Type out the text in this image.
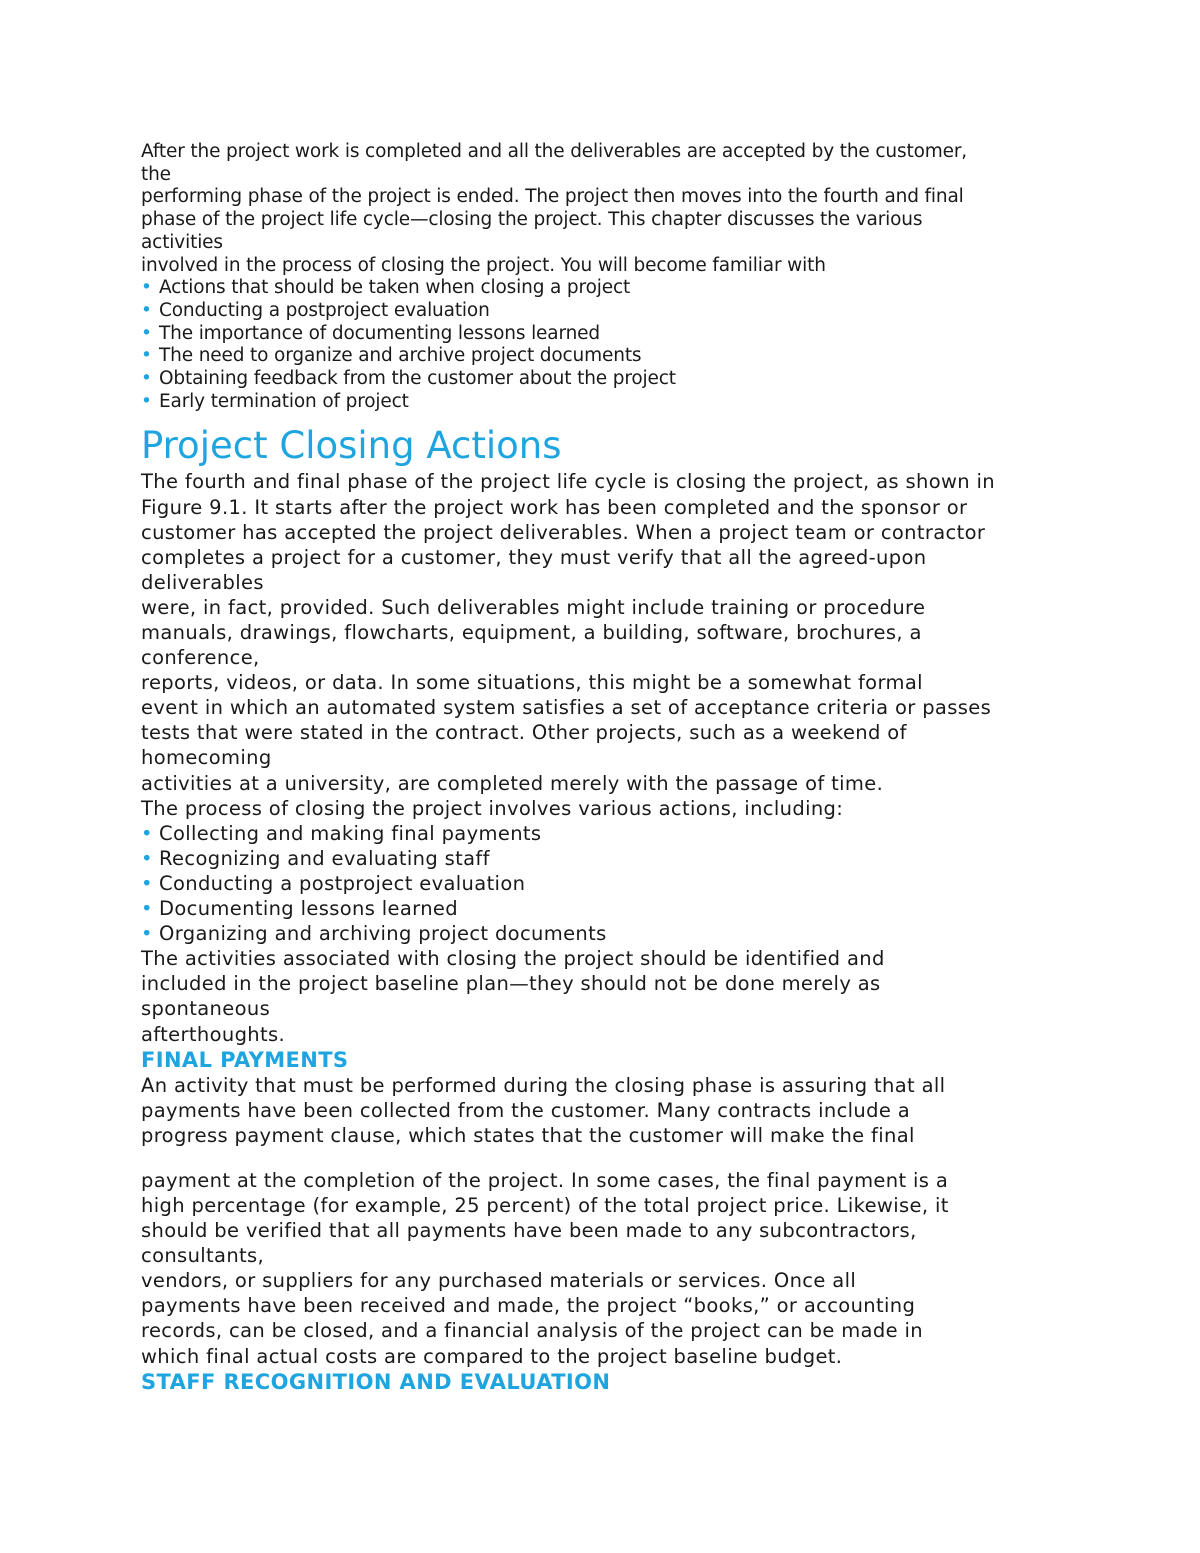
After the project work is completed and all the deliverables are accepted by the customer,
the
performing phase of the project is ended. The project then moves into the fourth and final
phase of the project life cycle—closing the project. This chapter discusses the various
activities
involved in the process of closing the project. You will become familiar with
• Actions that should be taken when closing a project
• Conducting a postproject evaluation
• The importance of documenting lessons learned
• The need to organize and archive project documents
• Obtaining feedback from the customer about the project
• Early termination of project
Project Closing Actions
The fourth and final phase of the project life cycle is closing the project, as shown in
Figure 9.1. It starts after the project work has been completed and the sponsor or
customer has accepted the project deliverables. When a project team or contractor
completes a project for a customer, they must verify that all the agreed-upon
deliverables
were, in fact, provided. Such deliverables might include training or procedure
manuals, drawings, flowcharts, equipment, a building, software, brochures, a
conference,
reports, videos, or data. In some situations, this might be a somewhat formal
event in which an automated system satisfies a set of acceptance criteria or passes
tests that were stated in the contract. Other projects, such as a weekend of
homecoming
activities at a university, are completed merely with the passage of time.
The process of closing the project involves various actions, including:
• Collecting and making final payments
• Recognizing and evaluating staff
• Conducting a postproject evaluation
• Documenting lessons learned
• Organizing and archiving project documents
The activities associated with closing the project should be identified and
included in the project baseline plan—they should not be done merely as
spontaneous
afterthoughts.
FINAL PAYMENTS
An activity that must be performed during the closing phase is assuring that all
payments have been collected from the customer. Many contracts include a
progress payment clause, which states that the customer will make the final
payment at the completion of the project. In some cases, the final payment is a
high percentage (for example, 25 percent) of the total project price. Likewise, it
should be verified that all payments have been made to any subcontractors,
consultants,
vendors, or suppliers for any purchased materials or services. Once all
payments have been received and made, the project “books,” or accounting
records, can be closed, and a financial analysis of the project can be made in
which final actual costs are compared to the project baseline budget.
STAFF RECOGNITION AND EVALUATION
